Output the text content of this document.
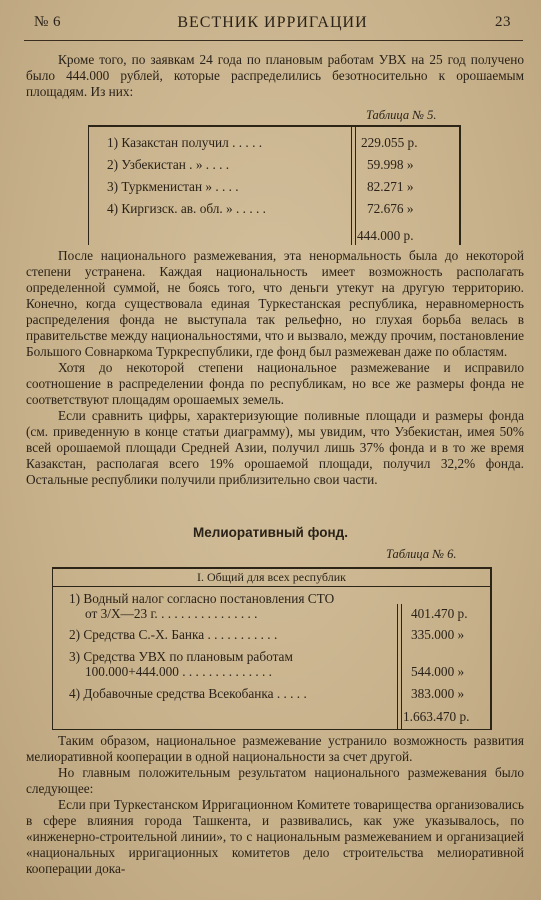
№ 6	ВЕСТНИК ИРРИГАЦИИ	23

Кроме того, по заявкам 24 года по плановым работам УВХ на 25 год получено было 444.000 рублей, которые распределились безотносительно к орошаемым площадям. Из них:

Таблица № 5.
1) Казакстан получил . . . . .	229.055 р.
2) Узбекистан . » . . . .	59.998 »
3) Туркменистан » . . . .	82.271 »
4) Киргизск. ав. обл. » . . . . .	72.676 »
444.000 р.

После национального размежевания, эта ненормальность была до некоторой степени устранена. Каждая национальность имеет возможность располагать определенной суммой, не боясь того, что деньги утекут на другую территорию. Конечно, когда существовала единая Туркестанская республика, неравномерность распределения фонда не выступала так рельефно, но глухая борьба велась в правительстве между национальностями, что и вызвало, между прочим, постановление Большого Совнаркома Туркреспублики, где фонд был размежеван даже по областям.

Хотя до некоторой степени национальное размежевание и исправило соотношение в распределении фонда по республикам, но все же размеры фонда не соответствуют площадям орошаемых земель.

Если сравнить цифры, характеризующие поливные площади и размеры фонда (см. приведенную в конце статьи диаграмму), мы увидим, что Узбекистан, имея 50% всей орошаемой площади Средней Азии, получил лишь 37% фонда и в то же время Казакстан, располагая всего 19% орошаемой площади, получил 32,2% фонда. Остальные республики получили приблизительно свои части.

Мелиоративный фонд.
Таблица № 6.
I. Общий для всех республик
1) Водный налог согласно постановления СТО
от 3/Х—23 г. . . . . . . . . . . . . . . .	401.470 р.
2) Средства С.-Х. Банка . . . . . . . . . . .	335.000 »
3) Средства УВХ по плановым работам
100.000+444.000 . . . . . . . . . . . . . .	544.000 »
4) Добавочные средства Всекобанка . . . . .	383.000 »
1.663.470 р.

Таким образом, национальное размежевание устранило возможность развития мелиоративной кооперации в одной национальности за счет другой.

Но главным положительным результатом национального размежевания было следующее:

Если при Туркестанском Ирригационном Комитете товарищества организовались в сфере влияния города Ташкента, и развивались, как уже указывалось, по «инженерно-строительной линии», то с национальным размежеванием и организацией «национальных ирригационных комитетов дело строительства мелиоративной кооперации дока-
